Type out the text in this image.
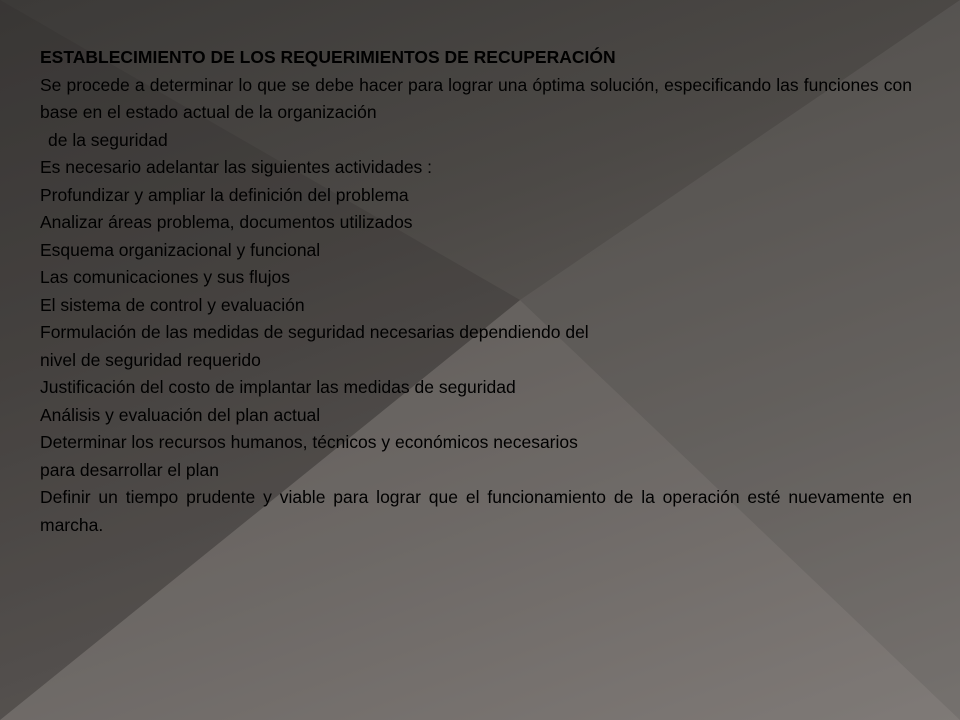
ESTABLECIMIENTO DE LOS REQUERIMIENTOS DE RECUPERACIÓN
Se procede a determinar lo que se debe hacer para lograr una óptima solución, especificando las funciones con base en el estado actual de la organización
de la seguridad
Es necesario adelantar las siguientes actividades :
Profundizar y ampliar la definición del problema
Analizar áreas problema, documentos utilizados
Esquema organizacional y funcional
Las comunicaciones y sus flujos
El sistema de control y evaluación
Formulación de las medidas de seguridad necesarias dependiendo del
nivel de seguridad requerido
Justificación del costo de implantar las medidas de seguridad
Análisis y evaluación del plan actual
Determinar los recursos humanos, técnicos y económicos necesarios
para desarrollar el plan
Definir un tiempo prudente y viable para lograr que el funcionamiento de la operación esté nuevamente en marcha.
